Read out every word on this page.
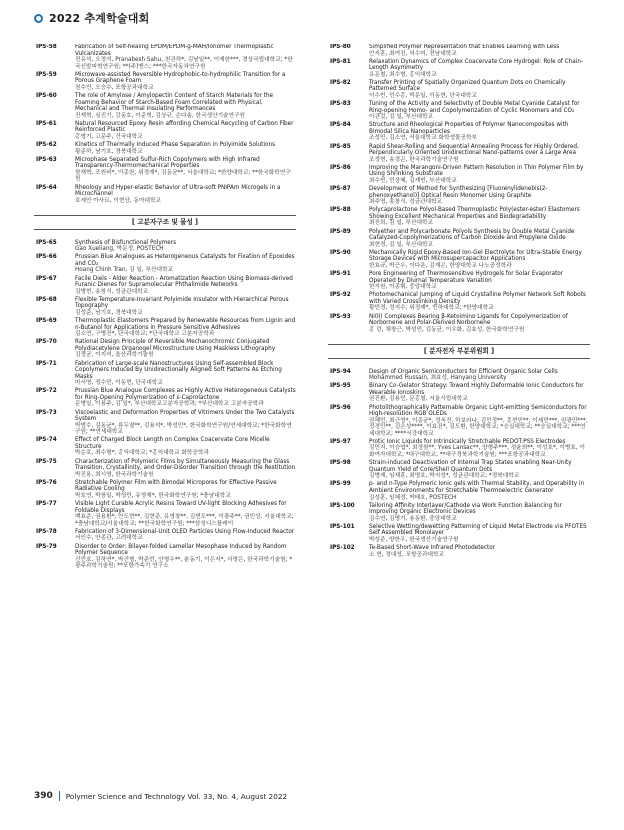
2022 추계학술대회
IPS-58	Fabrication of Self-healing EPDM/EPDM-g-MAH/Ionomer Thermoplastic Vulcanizates
전유석, 오정석, Pranabesh Sahu, 천관하*, 김남일**, 이재한***, 경상국립대학교; *한국신발피혁연구원; **(주)엔스; ***한국자동차연구원
IPS-59	Microwave-assisted Reversible Hydrophobic-to-hydrophilic Transition for a Porous Graphene Foam
천수민, 오승수, 포항공과대학교
IPS-60	The role of Amylose / Amylopectin Content of Starch Materials for the Foaming Behavior of Starch-Based Foam Correlated with Physical, Mechanical and Thermal Insulating Performances
진재혁, 심진기, 강동호, 이준혁, 김상규, 손다솜, 한국생산기술연구원
IPS-61	Natural Resourced Epoxy Resin affording Chemical Recycling of Carbon Fiber Reinforced Plastic
홍영기, 고문주, 건국대학교
IPS-62	Kinetics of Thermally Induced Phase Separation in Polyimide Solutions
황준하, 남기호, 경북대학교
IPS-63	Microphase Separated Sulfur-Rich Copolymers with High Infrared Transparency-Thermomechanical Properties
함재혁, 조원비*, 이종찬, 위정재*, 김동균**, 서울대학교; *한양대학교; **한국화학연구원
IPS-64	Rheology and Hyper-elastic Behavior of Ultra-soft PNIPAm Microgels in a Microchannel
호세안 아사르, 이현상, 동아대학교
[ 고분자구조 및 물성 ]
IPS-65	Synthesis of Bisfunctional Polymers
Gao Xueliang, 박문정, POSTECH
IPS-66	Prussian Blue Analogues as Heterogeneous Catalysts for Fixation of Epoxides and CO₂
Hoang Chinh Tran, 김 일, 부산대학교
IPS-67	Facile Diels - Alder Reaction - Aromatization Reaction Using Biomass-derived Furanic Dienes for Supramolecular Phthalimide Networks
김병현, 송창식, 성균관대학교
IPS-68	Flexible Temperature-Invariant Polyimide Insulator with Hierarchical Porous Topography
김성준, 남기호, 경북대학교
IPS-69	Thermoplastic Elastomers Prepared by Renewable Resources from Lignin and n-Butanol for Applications in Pressure Sensitive Adhesives
김소연, 구병진*, 단국대학교; *단국대학교 고분자공학과
IPS-70	Rational Design Principle of Reversible Mechanochromic Conjugated Polydiacetylene Organogel Microstructure Using Maskless Lithography
김정균, 이지석, 울산과학기술원
IPS-71	Fabrication of Large-scale Nanostructures Using Self-assembled Block Copolymers Induced By Unidirectionally Aligned Soft Patterns As Etching Masks
마서영, 정수민, 이동현, 단국대학교
IPS-72	Prussian Blue Analogue Complexes as Highly Active Heterogeneous Catalysts for Ring-Opening Polymerization of ε-Caprolactone
문병일, 이용주, 김 일*, 부산대학교고분자공학과; *부산대학교 고분자공학과
IPS-73	Viscoelastic and Deformation Properties of Vitrimers Under the Two Catalysts System
박범수, 김동균*, 류두열**, 김용석*, 박성민*, 한국화학연구원/연세대학교; *한국화학연구원; **연세대학교
IPS-74	Effect of Charged Block Length on Complex Coacervate Core Micelle Structure
박순호, 최수형*, 홍익대학교; *홍익대학교 화학공학과
IPS-75	Characterization of Polymeric Films by Simultaneously Measuring the Glass Transition, Crystallinity, and Order-Disorder Transition through the Restitution
박진용, 최시영, 한국과학기술원
IPS-76	Stretchable Polymer Film with Bimodal Micropores for Effective Passive Radiative Cooling
박호연, 박창일, 박성민, 유영재*, 한국화학연구원; *충남대학교
IPS-77	Visible Light Curable Acrylic Resins Toward UV-light Blocking Adhesives for Foldable Displays
백효준, 권용환*, 안도현**, 김현준, 유영창**, 김현도***, 이광주**, 권민상, 서울대학교; *충남대학교/서울대학교; **한국화학연구원; ***삼성디스플레이
IPS-78	Fabrication of 3-Dimensional-Unit OLED Particles Using Flow-Induced Reactor
서인수, 안종관, 고려대학교
IPS-79	Disorder to Order: Bilayer-folded Lamellar Mesophase Induced by Random Polymer Sequence
신민호, 김하연*, 박건형, 박준민, 안형우**, 윤동기, 이은지*, 서명은, 한국과학기술원; *광주과학기술원; **포항가속기 연구소
IPS-80	Simplified Polymer Representation that Enables Learning with Less
안지훈, 최여진, 허수미, 전남대학교
IPS-81	Relaxation Dynamics of Complex Coacervate Core Hydrogel: Role of Chain-Length Asymmetry
유문철, 최수형, 홍익대학교
IPS-82	Transfer Printing of Spatially Organized Quantum Dots on Chemically Patterned Surface
이수빈, 민수홍, 박문일, 이동현, 단국대학교
IPS-83	Tuning of the Activity and Selectivity of Double Metal Cyanide Catalyst for Ring-opening Homo- and Copolymerization of Cyclic Monomers and CO₂
이관걸, 김 일, 부산대학교
IPS-84	Structure and Rheological Properties of Polymer Nanocomposites with Bimodal Silica Nanoparticles
조성민, 김소연, 서울대학교 화학생물공학부
IPS-85	Rapid Shear-Rolling and Sequential Annealing Process for Highly Ordered, Perpendicularly Oriented Unidirectional Nano-patterns over a Large Area
조정현, 송정곤, 한국과학기술연구원
IPS-86	Improving the Marangoni-Driven Pattern Resolution in Thin Polymer Film by Using Shrinking Substrate
최수빈, 민상혜, 김재빈, 부산대학교
IPS-87	Development of Method for Synthesizing [Fluorenylidenebis(2-phenoxyethanol)] Optical Resin Monomer Using Graphite
최주영, 송창식, 성균관대학교
IPS-88	Polycaprolactone Polyol-Based Thermoplastic Poly(ester-ester) Elastomers Showing Excellent Mechanical Properties and Biodegradability
최진희, 김 일, 부산대학교
IPS-89	Polyether and Polycarbonate Polyols Synthesis by Double Metal Cyanide Catalyzed-Copolymerizations of Carbon Dioxide and Propylene Oxide
최현경, 김 일, 부산대학교
IPS-90	Mechanically Rigid Epoxy-Based Ion-Gel Electrolyte for Ultra-Stable Energy Storage Devices with Microsupercapacitor Applications
한효규, 박근우, 이다운, 김재곤, 한양대학교 나노공정학과
IPS-91	Pore Engineering of Thermosensitive Hydrogels for Solar Evaporator Operated by Diurnal Temperature Variation
한지원, 이종휘, 중앙대학교
IPS-92	Photomechanical Jumping of Liquid Crystalline Polymer Network Soft Robots with Varied Crosslinking Density
황민경, 정지수, 위정재*, 인하대학교; *한양대학교
IPS-93	Ni(II) Complexes Bearing β-Ketoimino Ligands for Copolymerization of Norbornene and Polar-Derived Norbornene
홍 린, 채창근, 박성민, 김동균, 이우화, 김효성, 한국화학연구원
[ 분자전자 부분위원회 ]
IPS-94	Design of Organic Semiconductors for Efficient Organic Solar Cells
Mohammed Hussain, 최효성, Hanyang University
IPS-95	Binary Co-Gelator Strategy: Toward Highly Deformable Ionic Conductors for Wearable Ionoskins
권진환, 김용민, 문홍철, 서울시립대학교
IPS-96	Photolithographically Patternable Organic Light-emitting Semiconductors for High-resolution RGB OLEDs
권혜민, 최근영*, 이종균*, 정욱진, 하보라나, 김민정**, 홍현민**, 이세민***, 권광민***, 정경민**, 김은성****, 이효진*, 김도환, 한양대학교; *승실대학교; **승실대학교; ***연세대학교; ****서강대학교
IPS-97	Protic Ionic Liquids for Intrinsically Stretchable PEDOT:PSS Electrodes
김민지, 이승엽*, 최정원**, Yves Lansac**, 양형주***, 정윤희**, 이성호*, 이병호, 이화여자대학교; *대구대학교; **대구경북과학기술원; ***포항공과대학교
IPS-98	Strain-induced Deactivation of Internal Trap States enabling Near-Unity Quantum Yield of Core/Shell Quantum Dots
김병재, 임재훈, 최명호, 박지성*, 성균관대학교; *경북대학교
IPS-99	p- and n-Type Polymeric Ionic gels with Thermal Stability, and Operability in Ambient Environments for Stretchable Thermoelectric Generator
김성훈, 임혜정, 박태호, POSTECH
IPS-100	Tailoring Affinity Interlayer/Cathode via Work Function Balancing for Improving Organic Electronic Devices
김수연, 김병기, 용동환, 중앙대학교
IPS-101	Selective Wetting/dewetting Patterning of Liquid Metal Electrode via PFOTES Self Assembled Monolayer
박성준, 양한우, 한국생산기술연구원
IPS-102	Te-Based Short-Wave Infrared Photodetector
소 현, 정대성, 포항공과대학교
390 Polymer Science and Technology Vol. 33, No. 4, August 2022
